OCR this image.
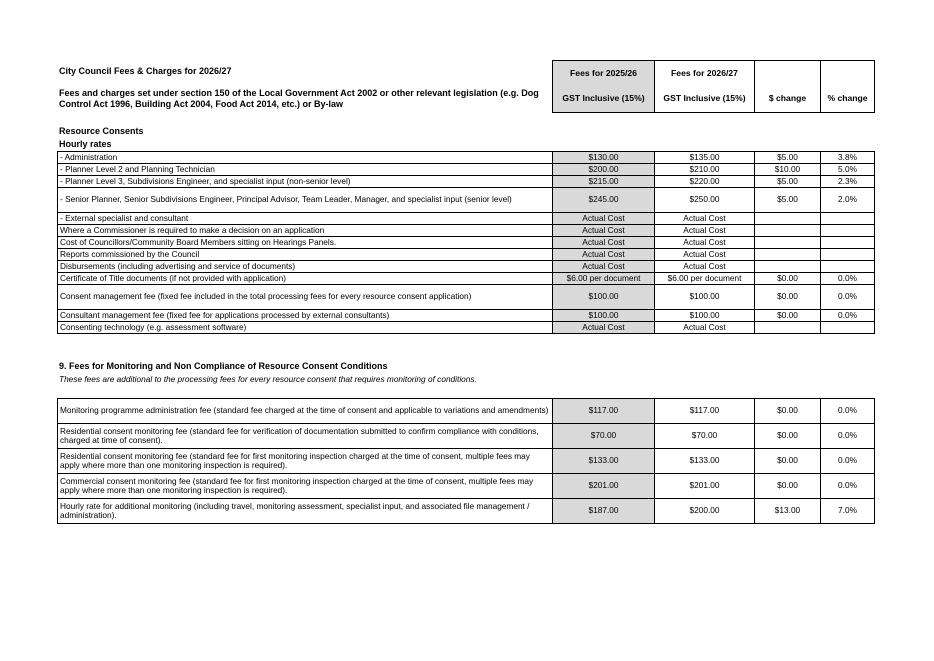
City Council Fees & Charges for 2026/27
Fees and charges set under section 150 of the Local Government Act 2002 or other relevant legislation (e.g. Dog Control Act 1996, Building Act 2004, Food Act 2014, etc.) or By-law
Fees for 2025/26	Fees for 2026/27		
GST Inclusive (15%)	GST Inclusive (15%)	$ change	% change
Resource Consents
Hourly rates
- Administration	$130.00	$135.00	$5.00	3.8%
- Planner Level 2 and Planning Technician	$200.00	$210.00	$10.00	5.0%
- Planner Level 3, Subdivisions Engineer, and specialist input (non-senior level)	$215.00	$220.00	$5.00	2.3%
- Senior Planner, Senior Subdivisions Engineer, Principal Advisor, Team Leader, Manager, and specialist input (senior level)	$245.00	$250.00	$5.00	2.0%
- External specialist and consultant	Actual Cost	Actual Cost		
Where a Commissioner is required to make a decision on an application	Actual Cost	Actual Cost		
Cost of Councillors/Community Board Members sitting on Hearings Panels.	Actual Cost	Actual Cost		
Reports commissioned by the Council	Actual Cost	Actual Cost		
Disbursements (including advertising and service of documents)	Actual Cost	Actual Cost		
Certificate of Title documents (if not provided with application)	$6.00 per document	$6.00 per document	$0.00	0.0%
Consent management fee (fixed fee included in the total processing fees for every resource consent application)	$100.00	$100.00	$0.00	0.0%
Consultant management fee (fixed fee for applications processed by external consultants)	$100.00	$100.00	$0.00	0.0%
Consenting technology (e.g. assessment software)	Actual Cost	Actual Cost		
9. Fees for Monitoring and Non Compliance of Resource Consent Conditions
These fees are additional to the processing fees for every resource consent that requires monitoring of conditions.
Monitoring programme administration fee (standard fee charged at the time of consent and applicable to variations and amendments)	$117.00	$117.00	$0.00	0.0%
Residential consent monitoring fee (standard fee for verification of documentation submitted to confirm compliance with conditions, charged at time of consent).	$70.00	$70.00	$0.00	0.0%
Residential consent monitoring fee (standard fee for first monitoring inspection charged at the time of consent, multiple fees may apply where more than one monitoring inspection is required).	$133.00	$133.00	$0.00	0.0%
Commercial consent monitoring fee (standard fee for first monitoring inspection charged at the time of consent, multiple fees may apply where more than one monitoring inspection is required).	$201.00	$201.00	$0.00	0.0%
Hourly rate for additional monitoring (including travel, monitoring assessment, specialist input, and associated file management / administration).	$187.00	$200.00	$13.00	7.0%
